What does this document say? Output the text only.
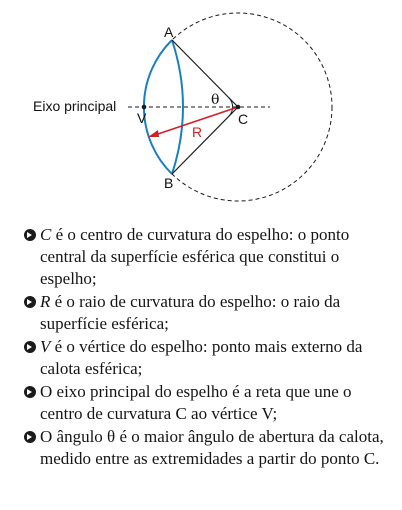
A
B
C
V
R
θ
Eixo principal
C é o centro de curvatura do espelho: o ponto central da superfície esférica que constitui o espelho;
R é o raio de curvatura do espelho: o raio da superfície esférica;
V é o vértice do espelho: ponto mais externo da calota esférica;
O eixo principal do espelho é a reta que une o centro de curvatura C ao vértice V;
O ângulo θ é o maior ângulo de abertura da calota, medido entre as extremidades a partir do ponto C.
